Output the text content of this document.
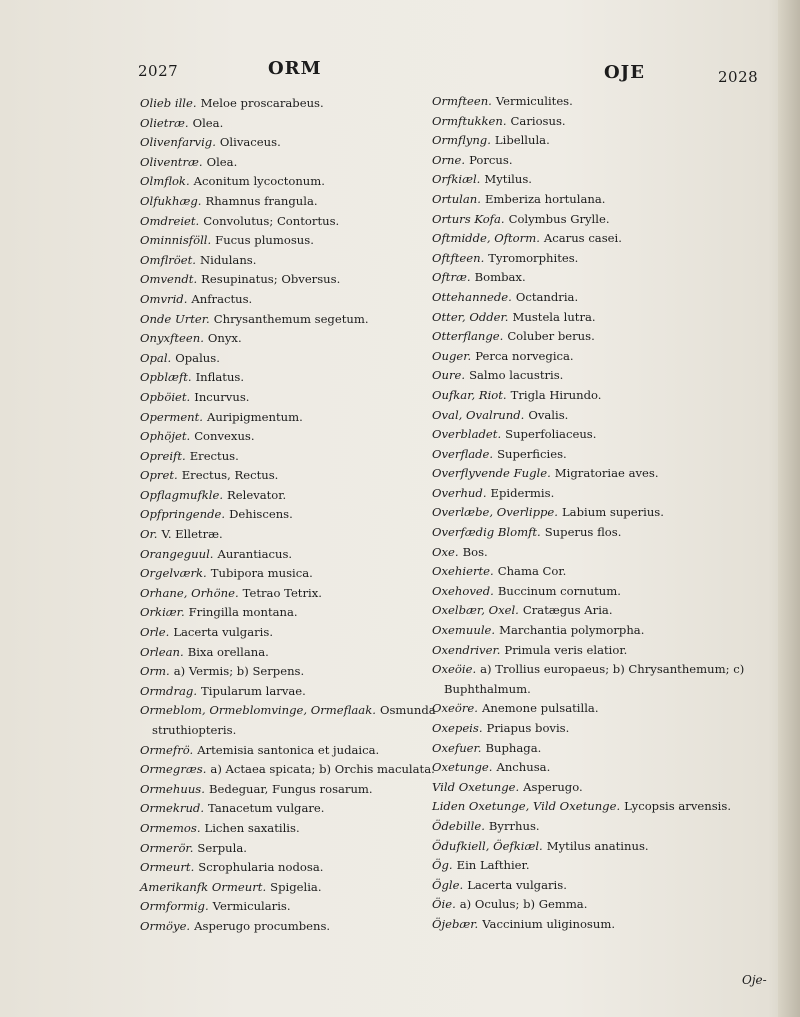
2027	ORM	OJE	2028

Olieb ille. Meloe proscarabeus.

Olietræ. Olea.

Olivenfarvig. Olivaceus.

Oliventræ. Olea.

Olmflok. Aconitum lycoctonum.

Olfukhæg. Rhamnus frangula.

Omdreiet. Convolutus; Contortus.

Ominnisföll. Fucus plumosus.

Omflröet. Nidulans.

Omvendt. Resupinatus; Obversus.

Omvrid. Anfractus.

Onde Urter. Chrysanthemum segetum.

Onyxfteen. Onyx.

Opal. Opalus.

Opblæft. Inflatus.

Opböiet. Incurvus.

Operment. Auripigmentum.

Ophöjet. Convexus.

Opreift. Erectus.

Opret. Erectus, Rectus.

Opflagmufkle. Relevator.

Opfpringende. Dehiscens.

Or. V. Elletræ.

Orangeguul. Aurantiacus.

Orgelværk. Tubipora musica.

Orhane, Orhöne. Tetrao Tetrix.

Orkiær. Fringilla montana.

Orle. Lacerta vulgaris.

Orlean. Bixa orellana.

Orm. a) Vermis; b) Serpens.

Ormdrag. Tipularum larvae.

Ormeblom, Ormeblomvinge, Ormeflaak. Osmunda struthiopteris.

Ormefrö. Artemisia santonica et judaica.

Ormegræs. a) Actaea spicata; b) Orchis maculata.

Ormehuus. Bedeguar, Fungus rosarum.

Ormekrud. Tanacetum vulgare.

Ormemos. Lichen saxatilis.

Ormerör. Serpula.

Ormeurt. Scrophularia nodosa.

Amerikanfk Ormeurt. Spigelia.

Ormformig. Vermicularis.

Ormöye. Asperugo procumbens.

Ormfteen. Vermiculites.

Ormftukken. Cariosus.

Ormflyng. Libellula.

Orne. Porcus.

Orfkiæl. Mytilus.

Ortulan. Emberiza hortulana.

Orturs Kofa. Colymbus Grylle.

Oftmidde, Oftorm. Acarus casei.

Oftfteen. Tyromorphites.

Oftræ. Bombax.

Ottehannede. Octandria.

Otter, Odder. Mustela lutra.

Otterflange. Coluber berus.

Ouger. Perca norvegica.

Oure. Salmo lacustris.

Oufkar, Riot. Trigla Hirundo.

Oval, Ovalrund. Ovalis.

Overbladet. Superfoliaceus.

Overflade. Superficies.

Overflyvende Fugle. Migratoriae aves.

Overhud. Epidermis.

Overlæbe, Overlippe. Labium superius.

Overfædig Blomft. Superus flos.

Oxe. Bos.

Oxehierte. Chama Cor.

Oxehoved. Buccinum cornutum.

Oxelbær, Oxel. Cratægus Aria.

Oxemuule. Marchantia polymorpha.

Oxendriver. Primula veris elatior.

Oxeöie. a) Trollius europaeus; b) Chrysanthemum; c) Buphthalmum.

Oxeöre. Anemone pulsatilla.

Oxepeis. Priapus bovis.

Oxefuer. Buphaga.

Oxetunge. Anchusa.

Vild Oxetunge. Asperugo.

Liden Oxetunge, Vild Oxetunge. Lycopsis arvensis.

Ödebille. Byrrhus.

Ödufkiell, Öefkiæl. Mytilus anatinus.

Ög. Ein Lafthier.

Ögle. Lacerta vulgaris.

Öie. a) Oculus; b) Gemma.

Öjebær. Vaccinium uliginosum.

Oje-
